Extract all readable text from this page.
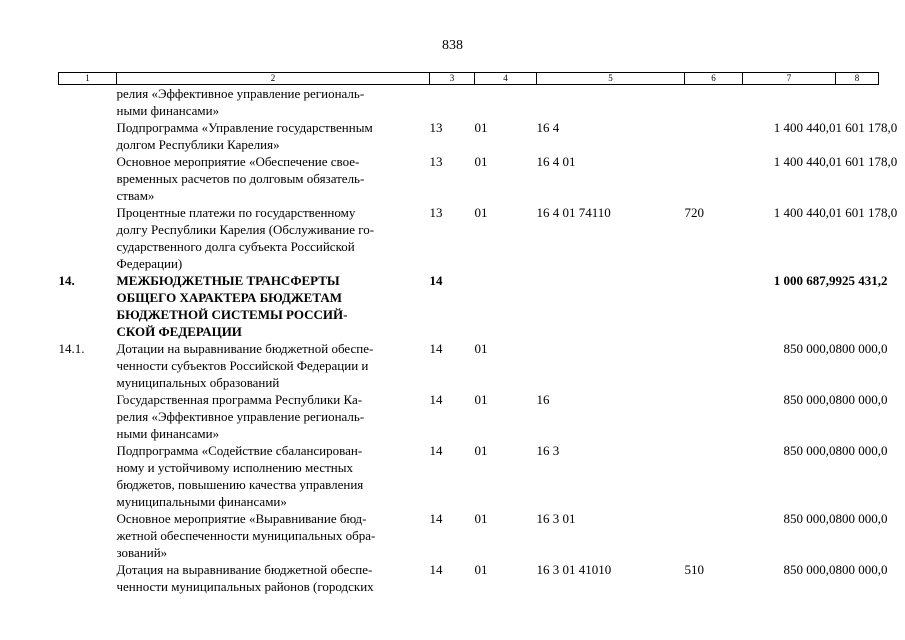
838
1	2	3	4	5	6	7	8

	релия «Эффективное управление региональ-
ными финансами»						

	Подпрограмма «Управление государственным
долгом Республики Карелия»	13	01	16 4		1 400 440,0	1 601 178,0

	Основное мероприятие «Обеспечение свое-
временных расчетов по долговым обязатель-
ствам»	13	01	16 4 01		1 400 440,0	1 601 178,0

	Процентные платежи по государственному
долгу Республики Карелия (Обслуживание го-
сударственного долга субъекта Российской
Федерации)	13	01	16 4 01 74110	720	1 400 440,0	1 601 178,0
14.	МЕЖБЮДЖЕТНЫЕ ТРАНСФЕРТЫ
ОБЩЕГО ХАРАКТЕРА БЮДЖЕТАМ
БЮДЖЕТНОЙ СИСТЕМЫ РОССИЙ-
СКОЙ ФЕДЕРАЦИИ	14				1 000 687,9	925 431,2
14.1.	Дотации на выравнивание бюджетной обеспе-
ченности субъектов Российской Федерации и
муниципальных образований	14	01			850 000,0	800 000,0

	Государственная программа Республики Ка-
релия «Эффективное управление региональ-
ными финансами»	14	01	16		850 000,0	800 000,0

	Подпрограмма «Содействие сбалансирован-
ному и устойчивому исполнению местных
бюджетов, повышению качества управления
муниципальными финансами»	14	01	16 3		850 000,0	800 000,0

	Основное мероприятие «Выравнивание бюд-
жетной обеспеченности муниципальных обра-
зований»	14	01	16 3 01		850 000,0	800 000,0

	Дотация на выравнивание бюджетной обеспе-
ченности муниципальных районов (городских	14	01	16 3 01 41010	510	850 000,0	800 000,0
